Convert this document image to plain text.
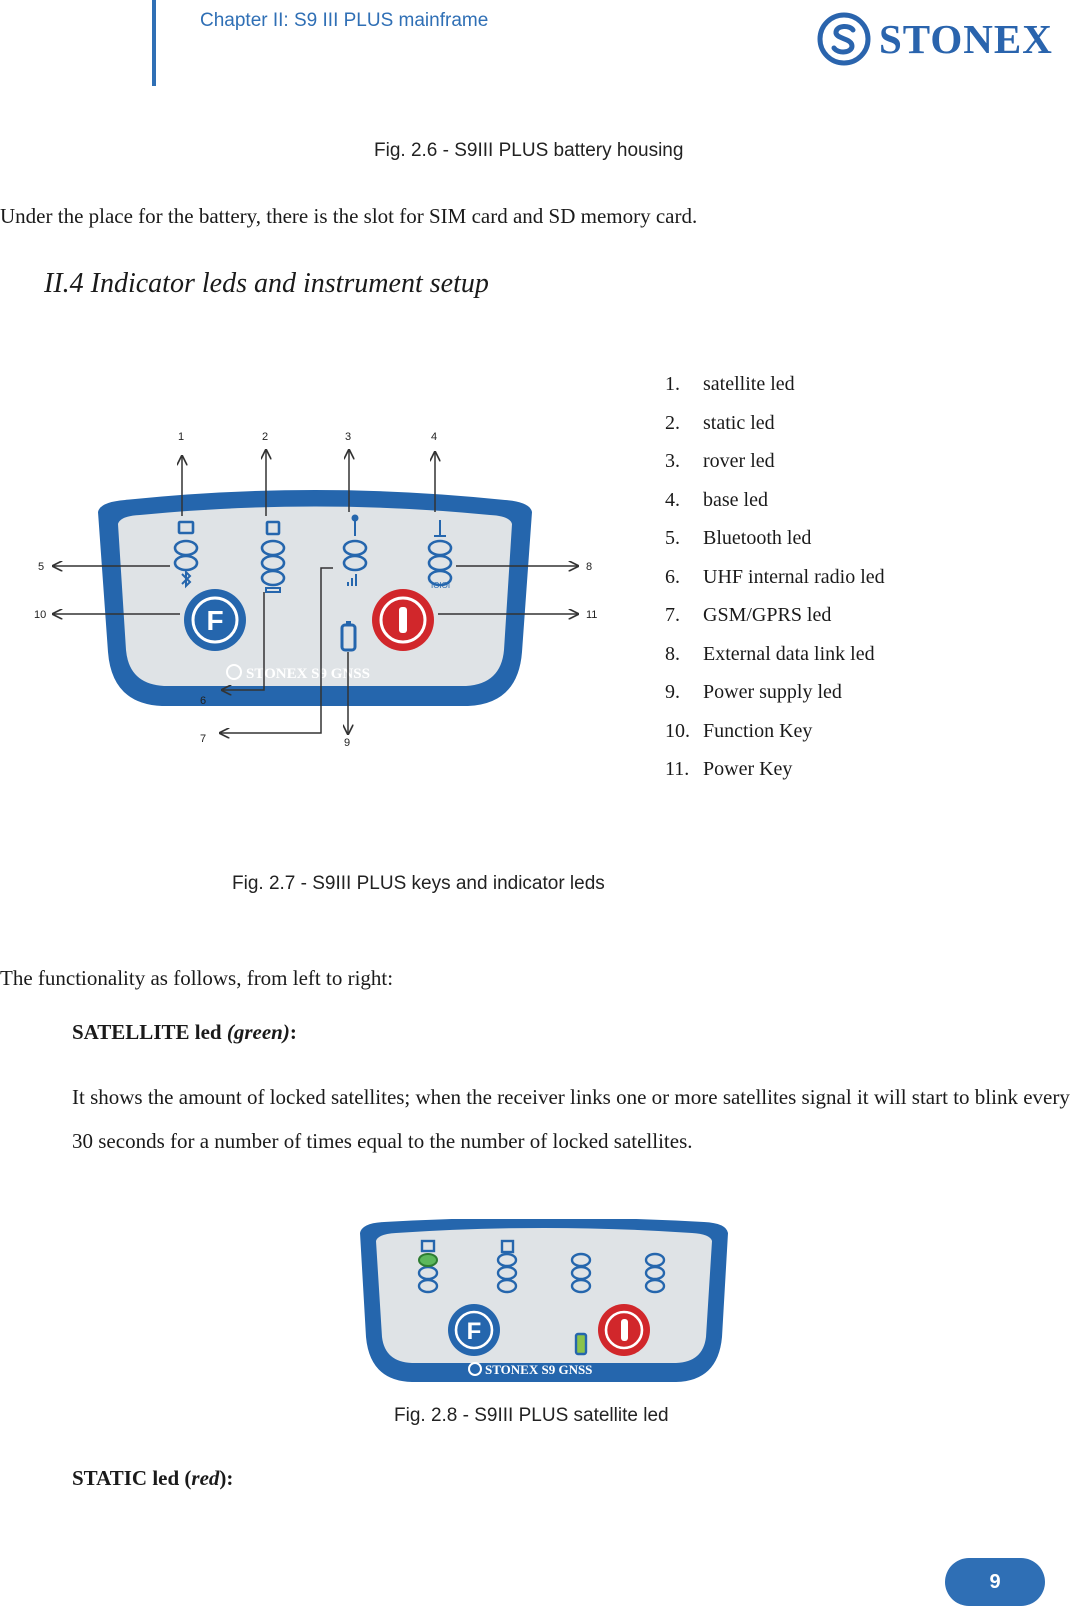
Chapter II: S9 III PLUS mainframe	STONEX
Fig. 2.6 - S9III PLUS battery housing
Under the place for the battery, there is the slot for SIM card and SD memory card.
II.4 Indicator leds and instrument setup
IOIOI
F
STONEX S9 GNSS
1	2	3	4
5
6
7
8
9
10	11
1.	satellite led
2.	static led
3.	rover led
4.	base led
5.	Bluetooth led
6.	UHF internal radio led
7.	GSM/GPRS led
8.	External data link led
9.	Power supply led
10. Function Key
11. Power Key
Fig. 2.7 - S9III PLUS keys and indicator leds
The functionality as follows, from left to right:
SATELLITE led (green):
It shows the amount of locked satellites; when the receiver links one or more satellites signal it will start to blink every 30 seconds for a number of times equal to the number of locked satellites.
F
STONEX S9 GNSS
Fig. 2.8 - S9III PLUS satellite led
STATIC led (red):
9
